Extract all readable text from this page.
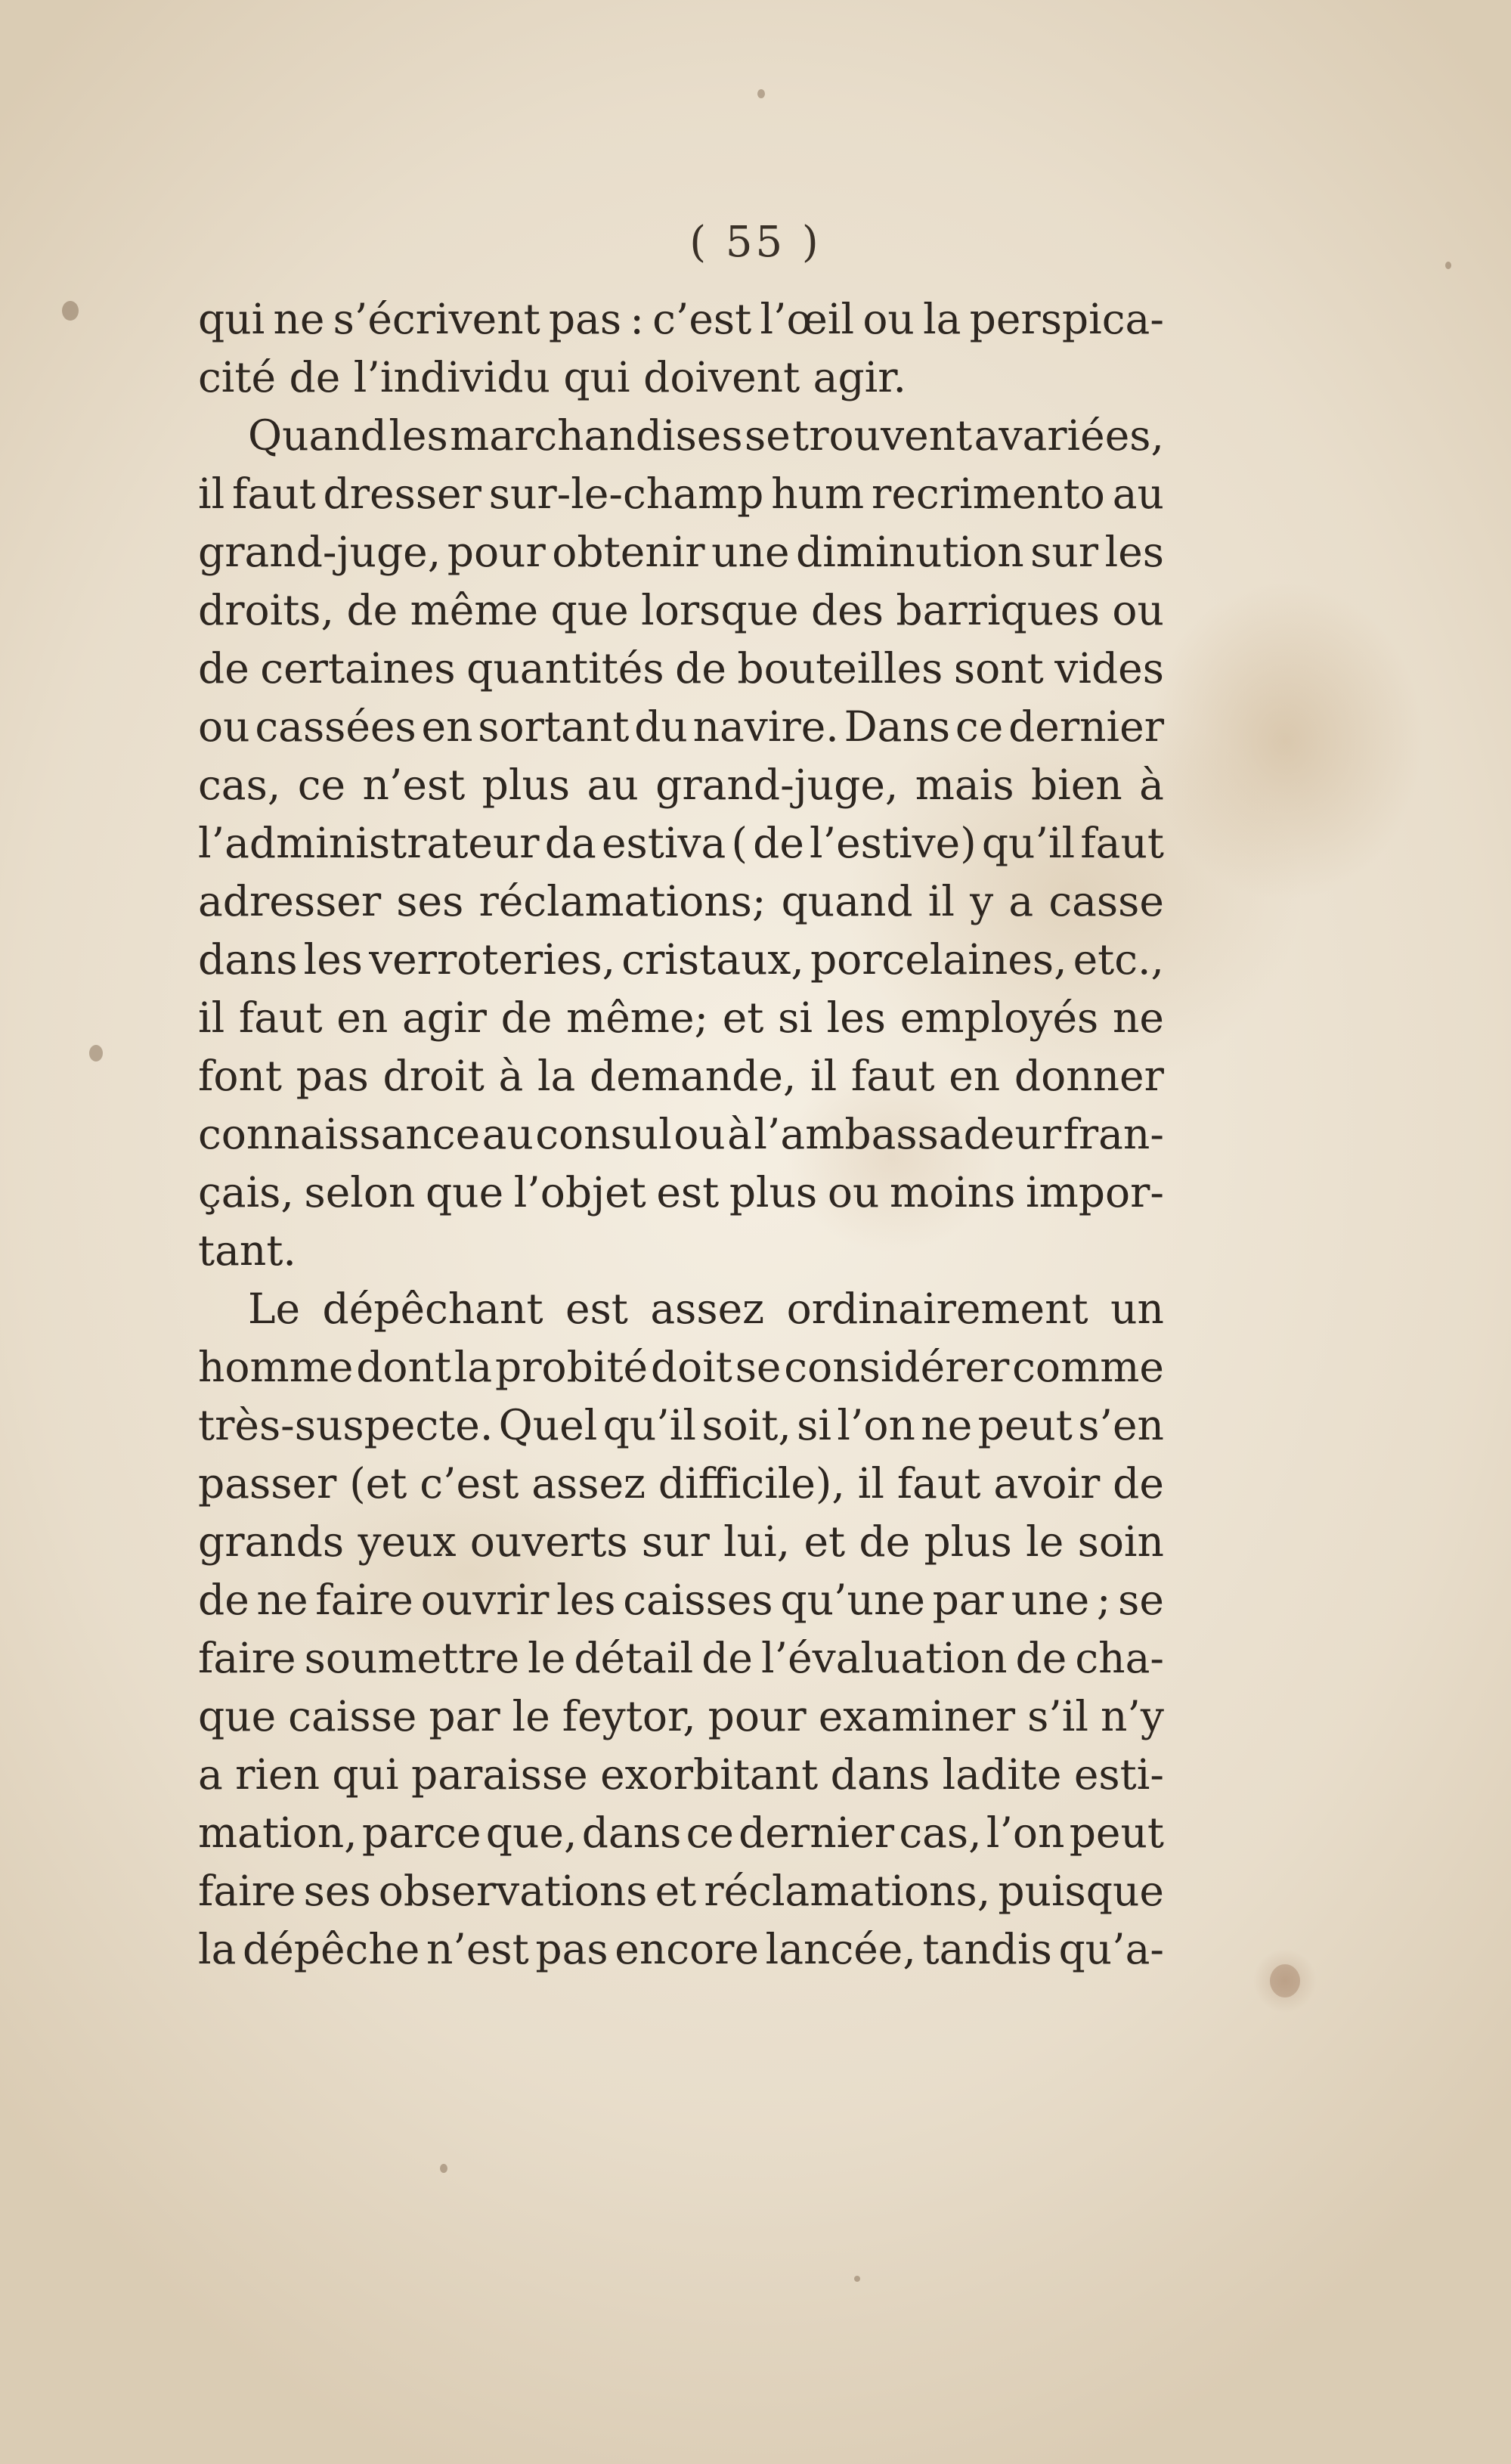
( 55 )
qui ne s’écrivent pas : c’est l’œil ou la perspica-
cité de l’individu qui doivent agir.
Quand les marchandises se trouvent avariées,
il faut dresser sur-le-champ hum recrimento au
grand-juge, pour obtenir une diminution sur les
droits, de même que lorsque des barriques ou
de certaines quantités de bouteilles sont vides
ou cassées en sortant du navire. Dans ce dernier
cas, ce n’est plus au grand-juge, mais bien à
l’administrateur da estiva ( de l’estive) qu’il faut
adresser ses réclamations; quand il y a casse
dans les verroteries, cristaux, porcelaines, etc.,
il faut en agir de même; et si les employés ne
font pas droit à la demande, il faut en donner
connaissance au consul ou à l’ambassadeur fran-
çais, selon que l’objet est plus ou moins impor-
tant.
Le dépêchant est assez ordinairement un
homme dont la probité doit se considérer comme
très-suspecte. Quel qu’il soit, si l’on ne peut s’en
passer (et c’est assez difficile), il faut avoir de
grands yeux ouverts sur lui, et de plus le soin
de ne faire ouvrir les caisses qu’une par une ; se
faire soumettre le détail de l’évaluation de cha-
que caisse par le feytor, pour examiner s’il n’y
a rien qui paraisse exorbitant dans ladite esti-
mation, parce que, dans ce dernier cas, l’on peut
faire ses observations et réclamations, puisque
la dépêche n’est pas encore lancée, tandis qu’a-
